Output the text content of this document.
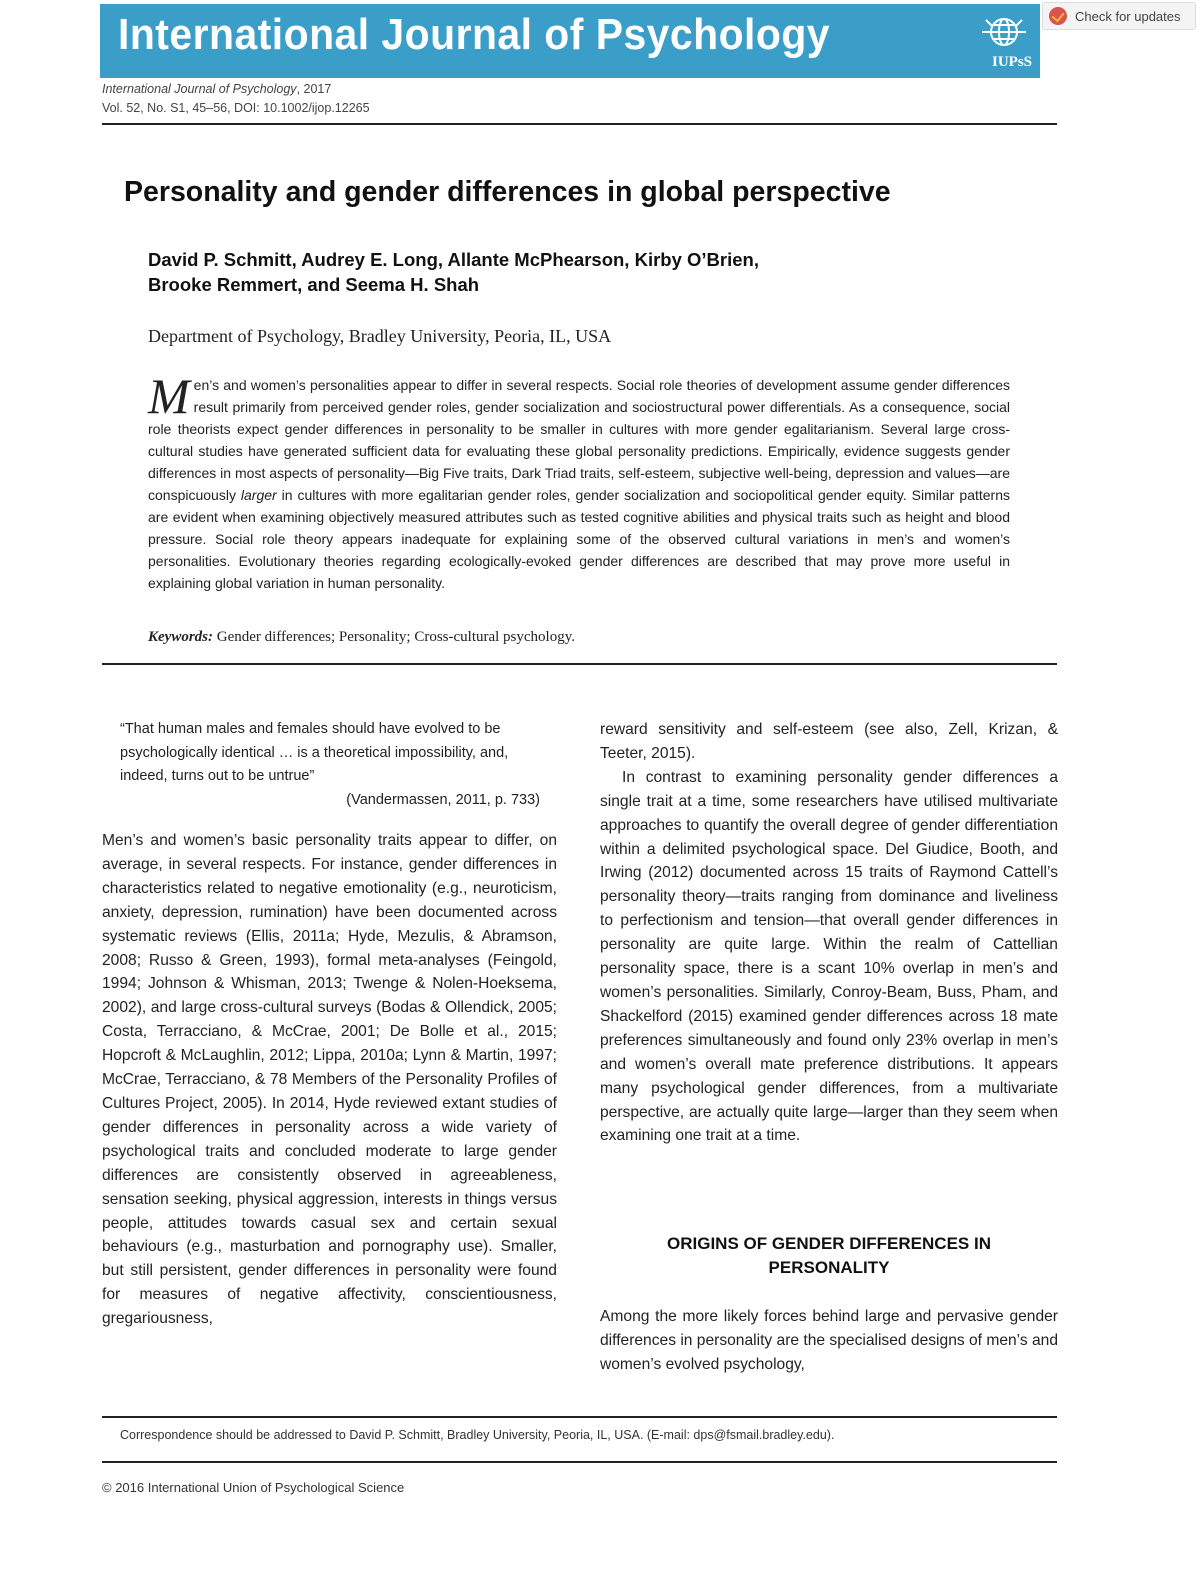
International Journal of Psychology
IUPsS
Check for updates
International Journal of Psychology, 2017
Vol. 52, No. S1, 45–56, DOI: 10.1002/ijop.12265
Personality and gender differences in global perspective
David P. Schmitt, Audrey E. Long, Allante McPhearson, Kirby O’Brien,
Brooke Remmert, and Seema H. Shah
Department of Psychology, Bradley University, Peoria, IL, USA
Men’s and women’s personalities appear to differ in several respects. Social role theories of development assume gender differences result primarily from perceived gender roles, gender socialization and sociostructural power differentials. As a consequence, social role theorists expect gender differences in personality to be smaller in cultures with more gender egalitarianism. Several large cross-cultural studies have generated sufficient data for evaluating these global personality predictions. Empirically, evidence suggests gender differences in most aspects of personality—Big Five traits, Dark Triad traits, self-esteem, subjective well-being, depression and values—are conspicuously larger in cultures with more egalitarian gender roles, gender socialization and sociopolitical gender equity. Similar patterns are evident when examining objectively measured attributes such as tested cognitive abilities and physical traits such as height and blood pressure. Social role theory appears inadequate for explaining some of the observed cultural variations in men’s and women’s personalities. Evolutionary theories regarding ecologically-evoked gender differences are described that may prove more useful in explaining global variation in human personality.
Keywords: Gender differences; Personality; Cross-cultural psychology.
“That human males and females should have evolved to be psychologically identical … is a theoretical impossibility, and, indeed, turns out to be untrue”
(Vandermassen, 2011, p. 733)

Men’s and women’s basic personality traits appear to differ, on average, in several respects. For instance, gender differences in characteristics related to negative emotionality (e.g., neuroticism, anxiety, depression, rumination) have been documented across systematic reviews (Ellis, 2011a; Hyde, Mezulis, & Abramson, 2008; Russo & Green, 1993), formal meta-analyses (Feingold, 1994; Johnson & Whisman, 2013; Twenge & Nolen-Hoeksema, 2002), and large cross-cultural surveys (Bodas & Ollendick, 2005; Costa, Terracciano, & McCrae, 2001; De Bolle et al., 2015; Hopcroft & McLaughlin, 2012; Lippa, 2010a; Lynn & Martin, 1997; McCrae, Terracciano, & 78 Members of the Personality Profiles of Cultures Project, 2005). In 2014, Hyde reviewed extant studies of gender differences in personality across a wide variety of psychological traits and concluded moderate to large gender differences are consistently observed in agreeableness, sensation seeking, physical aggression, interests in things versus people, attitudes towards casual sex and certain sexual behaviours (e.g., masturbation and pornography use). Smaller, but still persistent, gender differences in personality were found for measures of negative affectivity, conscientiousness, gregariousness,

reward sensitivity and self-esteem (see also, Zell, Krizan, & Teeter, 2015).

In contrast to examining personality gender differences a single trait at a time, some researchers have utilised multivariate approaches to quantify the overall degree of gender differentiation within a delimited psychological space. Del Giudice, Booth, and Irwing (2012) documented across 15 traits of Raymond Cattell’s personality theory—traits ranging from dominance and liveliness to perfectionism and tension—that overall gender differences in personality are quite large. Within the realm of Cattellian personality space, there is a scant 10% overlap in men’s and women’s personalities. Similarly, Conroy-Beam, Buss, Pham, and Shackelford (2015) examined gender differences across 18 mate preferences simultaneously and found only 23% overlap in men’s and women’s overall mate preference distributions. It appears many psychological gender differences, from a multivariate perspective, are actually quite large—larger than they seem when examining one trait at a time.

ORIGINS OF GENDER DIFFERENCES IN
PERSONALITY

Among the more likely forces behind large and pervasive gender differences in personality are the specialised designs of men’s and women’s evolved psychology,

Correspondence should be addressed to David P. Schmitt, Bradley University, Peoria, IL, USA. (E-mail: dps@fsmail.bradley.edu).
© 2016 International Union of Psychological Science
